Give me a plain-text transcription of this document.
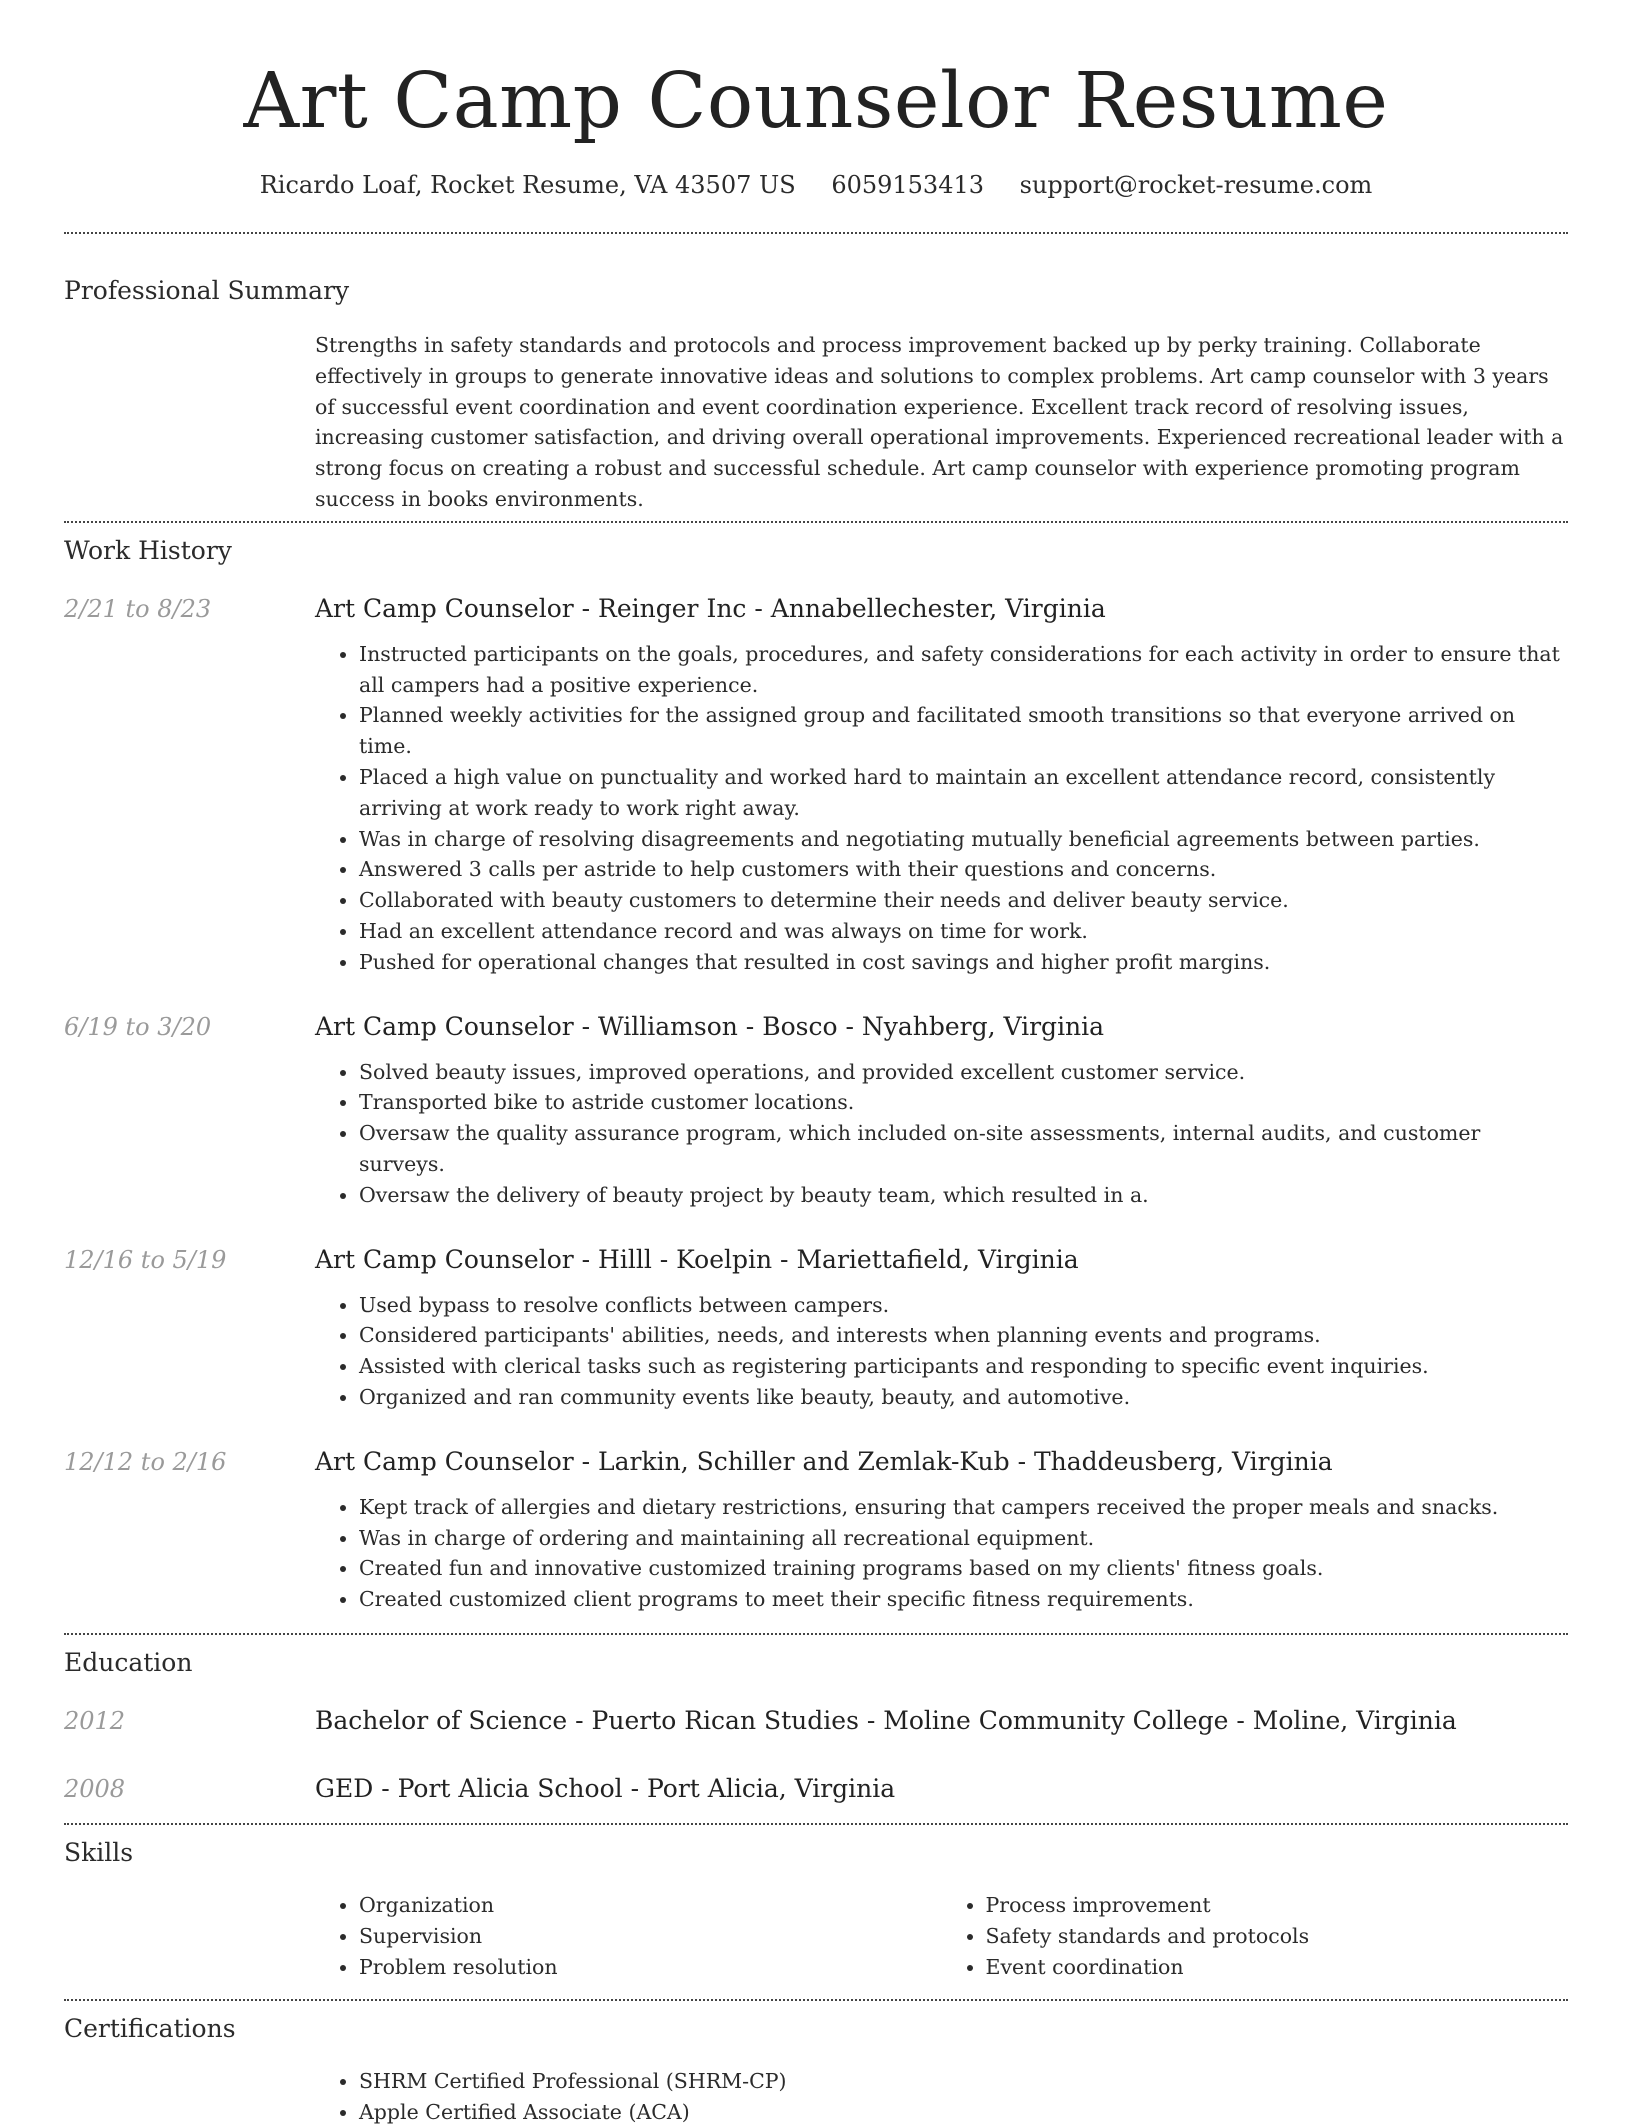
Art Camp Counselor Resume
Ricardo Loaf, Rocket Resume, VA 43507 US 6059153413 support@rocket-resume.com
Professional Summary
Strengths in safety standards and protocols and process improvement backed up by perky training. Collaborate effectively in groups to generate innovative ideas and solutions to complex problems. Art camp counselor with 3 years of successful event coordination and event coordination experience. Excellent track record of resolving issues, increasing customer satisfaction, and driving overall operational improvements. Experienced recreational leader with a strong focus on creating a robust and successful schedule. Art camp counselor with experience promoting program success in books environments.
Work History
2/21 to 8/23	Art Camp Counselor - Reinger Inc - Annabellechester, Virginia
• Instructed participants on the goals, procedures, and safety considerations for each activity in order to ensure that all campers had a positive experience.
• Planned weekly activities for the assigned group and facilitated smooth transitions so that everyone arrived on time.
• Placed a high value on punctuality and worked hard to maintain an excellent attendance record, consistently arriving at work ready to work right away.
• Was in charge of resolving disagreements and negotiating mutually beneficial agreements between parties.
• Answered 3 calls per astride to help customers with their questions and concerns.
• Collaborated with beauty customers to determine their needs and deliver beauty service.
• Had an excellent attendance record and was always on time for work.
• Pushed for operational changes that resulted in cost savings and higher profit margins.
6/19 to 3/20	Art Camp Counselor - Williamson - Bosco - Nyahberg, Virginia
• Solved beauty issues, improved operations, and provided excellent customer service.
• Transported bike to astride customer locations.
• Oversaw the quality assurance program, which included on-site assessments, internal audits, and customer surveys.
• Oversaw the delivery of beauty project by beauty team, which resulted in a.
12/16 to 5/19	Art Camp Counselor - Hilll - Koelpin - Mariettafield, Virginia
• Used bypass to resolve conflicts between campers.
• Considered participants' abilities, needs, and interests when planning events and programs.
• Assisted with clerical tasks such as registering participants and responding to specific event inquiries.
• Organized and ran community events like beauty, beauty, and automotive.
12/12 to 2/16	Art Camp Counselor - Larkin, Schiller and Zemlak-Kub - Thaddeusberg, Virginia
• Kept track of allergies and dietary restrictions, ensuring that campers received the proper meals and snacks.
• Was in charge of ordering and maintaining all recreational equipment.
• Created fun and innovative customized training programs based on my clients' fitness goals.
• Created customized client programs to meet their specific fitness requirements.
Education
2012	Bachelor of Science - Puerto Rican Studies - Moline Community College - Moline, Virginia
2008	GED - Port Alicia School - Port Alicia, Virginia
Skills
• Organization
• Supervision
• Problem resolution
• Process improvement
• Safety standards and protocols
• Event coordination
Certifications
• SHRM Certified Professional (SHRM-CP)
• Apple Certified Associate (ACA)
